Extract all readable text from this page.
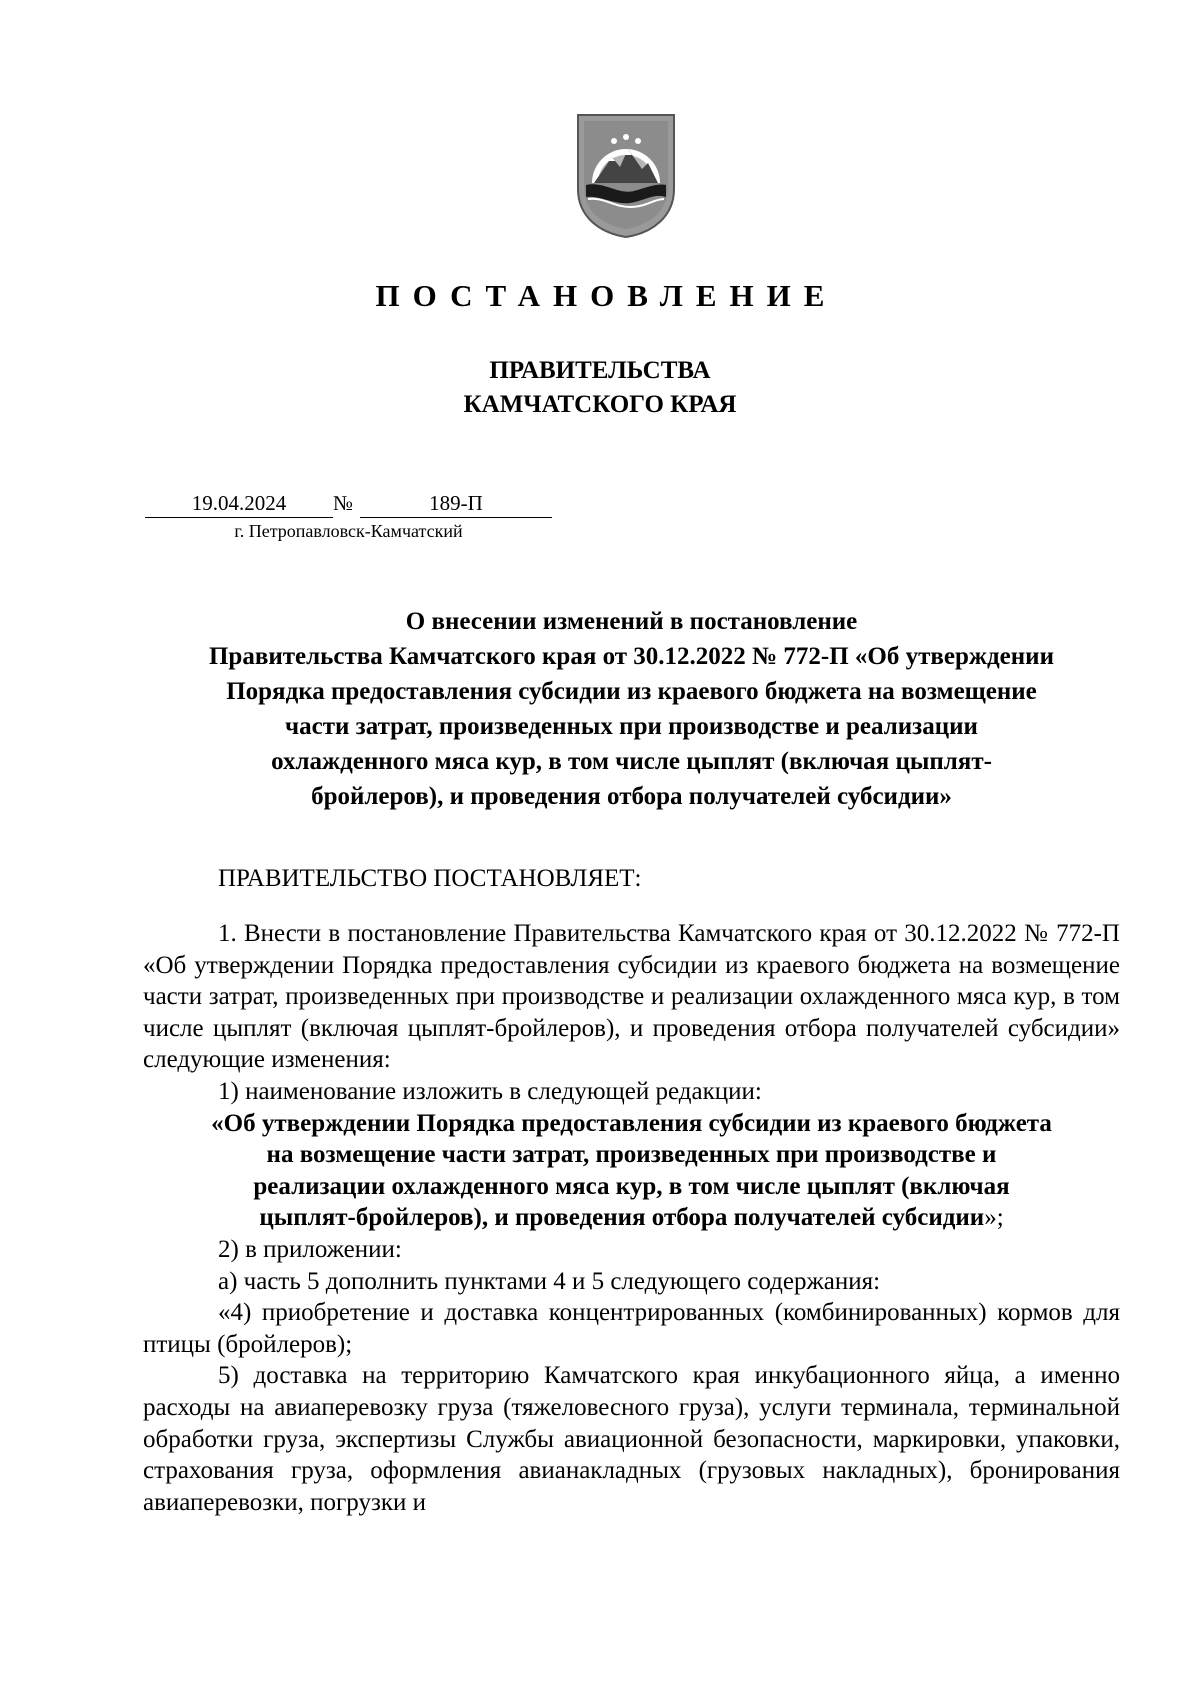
ПОСТАНОВЛЕНИЕ
ПРАВИТЕЛЬСТВА
КАМЧАТСКОГО КРАЯ
19.04.2024	№	189-П
г. Петропавловск-Камчатский
О внесении изменений в постановление
Правительства Камчатского края от 30.12.2022 № 772-П «Об утверждении
Порядка предоставления субсидии из краевого бюджета на возмещение
части затрат, произведенных при производстве и реализации
охлажденного мяса кур, в том числе цыплят (включая цыплят-
бройлеров), и проведения отбора получателей субсидии»
ПРАВИТЕЛЬСТВО ПОСТАНОВЛЯЕТ:

1. Внести в постановление Правительства Камчатского края от 30.12.2022 № 772-П «Об утверждении Порядка предоставления субсидии из краевого бюджета на возмещение части затрат, произведенных при производстве и реализации охлажденного мяса кур, в том числе цыплят (включая цыплят-бройлеров), и проведения отбора получателей субсидии» следующие изменения:

1) наименование изложить в следующей редакции:

«Об утверждении Порядка предоставления субсидии из краевого бюджета
на возмещение части затрат, произведенных при производстве и
реализации охлажденного мяса кур, в том числе цыплят (включая
цыплят-бройлеров), и проведения отбора получателей субсидии»;

2) в приложении:

а) часть 5 дополнить пунктами 4 и 5 следующего содержания:

«4) приобретение и доставка концентрированных (комбинированных) кормов для птицы (бройлеров);

5) доставка на территорию Камчатского края инкубационного яйца, а именно расходы на авиаперевозку груза (тяжеловесного груза), услуги терминала, терминальной обработки груза, экспертизы Службы авиационной безопасности, маркировки, упаковки, страхования груза, оформления авианакладных (грузовых накладных), бронирования авиаперевозки, погрузки и
